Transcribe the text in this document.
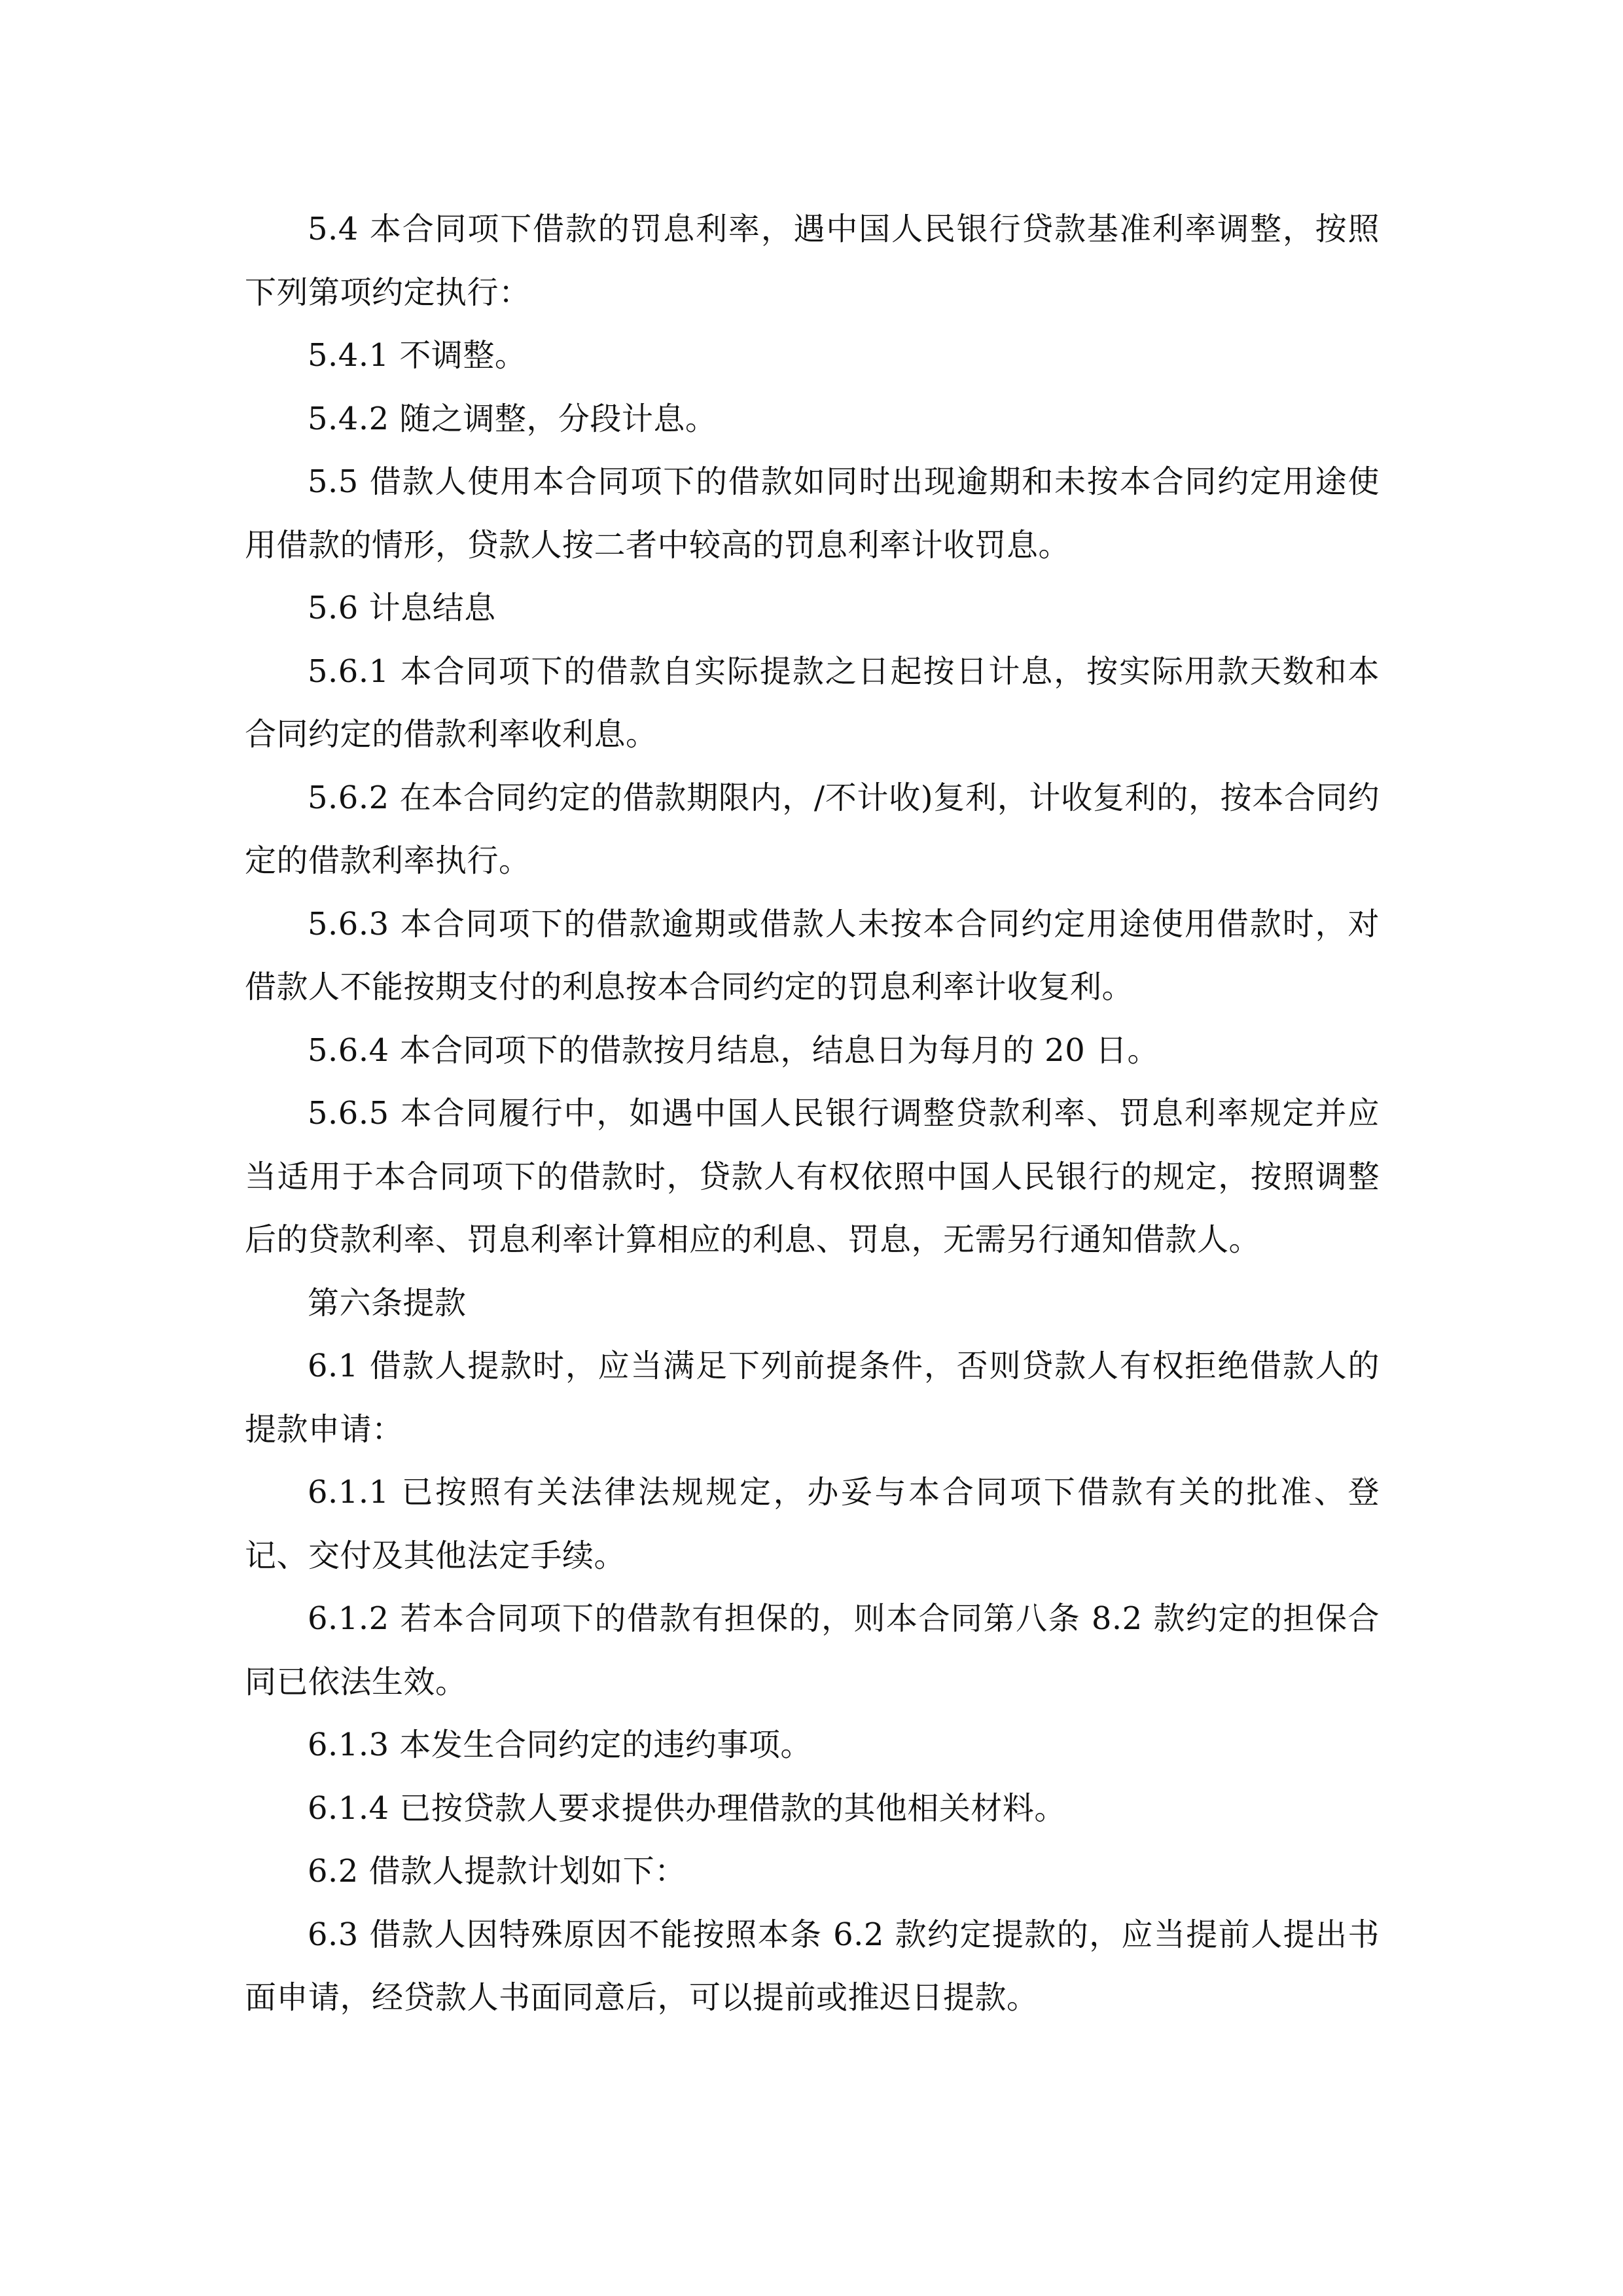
5.4 本合同项下借款的罚息利率，遇中国人民银行贷款基准利率调整，按照下列第项约定执行：

5.4.1 不调整。

5.4.2 随之调整，分段计息。

5.5 借款人使用本合同项下的借款如同时出现逾期和未按本合同约定用途使用借款的情形，贷款人按二者中较高的罚息利率计收罚息。

5.6 计息结息

5.6.1 本合同项下的借款自实际提款之日起按日计息，按实际用款天数和本合同约定的借款利率收利息。

5.6.2 在本合同约定的借款期限内，/不计收)复利，计收复利的，按本合同约定的借款利率执行。

5.6.3 本合同项下的借款逾期或借款人未按本合同约定用途使用借款时，对借款人不能按期支付的利息按本合同约定的罚息利率计收复利。

5.6.4 本合同项下的借款按月结息，结息日为每月的 20 日。

5.6.5 本合同履行中，如遇中国人民银行调整贷款利率、罚息利率规定并应当适用于本合同项下的借款时，贷款人有权依照中国人民银行的规定，按照调整后的贷款利率、罚息利率计算相应的利息、罚息，无需另行通知借款人。

第六条提款

6.1 借款人提款时，应当满足下列前提条件，否则贷款人有权拒绝借款人的提款申请：

6.1.1 已按照有关法律法规规定，办妥与本合同项下借款有关的批准、登记、交付及其他法定手续。

6.1.2 若本合同项下的借款有担保的，则本合同第八条 8.2 款约定的担保合同已依法生效。

6.1.3 本发生合同约定的违约事项。

6.1.4 已按贷款人要求提供办理借款的其他相关材料。

6.2 借款人提款计划如下：

6.3 借款人因特殊原因不能按照本条 6.2 款约定提款的，应当提前人提出书面申请，经贷款人书面同意后，可以提前或推迟日提款。
